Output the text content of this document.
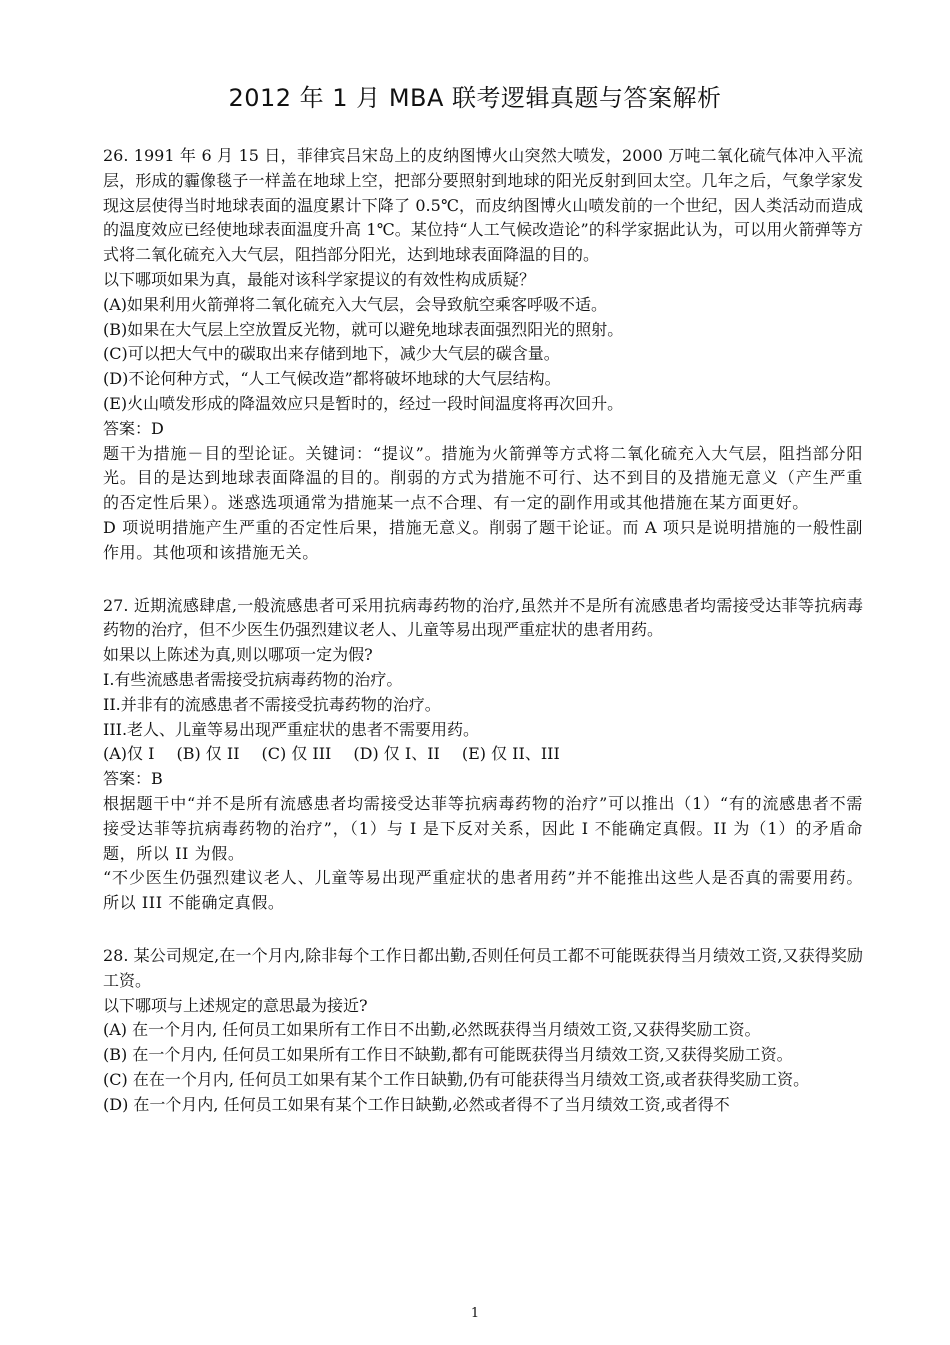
2012 年 1 月 MBA 联考逻辑真题与答案解析

26. 1991 年 6 月 15 日，菲律宾吕宋岛上的皮纳图博火山突然大喷发，2000 万吨二氧化硫气体冲入平流层，形成的霾像毯子一样盖在地球上空，把部分要照射到地球的阳光反射到回太空。几年之后，气象学家发现这层使得当时地球表面的温度累计下降了 0.5℃，而皮纳图博火山喷发前的一个世纪，因人类活动而造成的温度效应已经使地球表面温度升高 1℃。某位持“人工气候改造论”的科学家据此认为，可以用火箭弹等方式将二氧化硫充入大气层，阻挡部分阳光，达到地球表面降温的目的。

以下哪项如果为真，最能对该科学家提议的有效性构成质疑？

(A)如果利用火箭弹将二氧化硫充入大气层，会导致航空乘客呼吸不适。

(B)如果在大气层上空放置反光物，就可以避免地球表面强烈阳光的照射。

(C)可以把大气中的碳取出来存储到地下，减少大气层的碳含量。

(D)不论何种方式，“人工气候改造”都将破坏地球的大气层结构。

(E)火山喷发形成的降温效应只是暂时的，经过一段时间温度将再次回升。

答案：D

题干为措施－目的型论证。关键词：“提议”。措施为火箭弹等方式将二氧化硫充入大气层，阻挡部分阳光。目的是达到地球表面降温的目的。削弱的方式为措施不可行、达不到目的及措施无意义（产生严重的否定性后果）。迷惑选项通常为措施某一点不合理、有一定的副作用或其他措施在某方面更好。

D 项说明措施产生严重的否定性后果，措施无意义。削弱了题干论证。而 A 项只是说明措施的一般性副作用。其他项和该措施无关。

27. 近期流感肆虐,一般流感患者可采用抗病毒药物的治疗,虽然并不是所有流感患者均需接受达菲等抗病毒药物的治疗，但不少医生仍强烈建议老人、儿童等易出现严重症状的患者用药。

如果以上陈述为真,则以哪项一定为假?

I.有些流感患者需接受抗病毒药物的治疗。

II.并非有的流感患者不需接受抗毒药物的治疗。

III.老人、儿童等易出现严重症状的患者不需要用药。

(A)仅 I (B) 仅 II (C) 仅 III (D) 仅 I、II (E) 仅 II、III

答案：B

根据题干中“并不是所有流感患者均需接受达菲等抗病毒药物的治疗”可以推出（1）“有的流感患者不需接受达菲等抗病毒药物的治疗”，（1）与 I 是下反对关系，因此 I 不能确定真假。II 为（1）的矛盾命题，所以 II 为假。

“不少医生仍强烈建议老人、儿童等易出现严重症状的患者用药”并不能推出这些人是否真的需要用药。所以 III 不能确定真假。

28. 某公司规定,在一个月内,除非每个工作日都出勤,否则任何员工都不可能既获得当月绩效工资,又获得奖励工资。

以下哪项与上述规定的意思最为接近?

(A) 在一个月内, 任何员工如果所有工作日不出勤,必然既获得当月绩效工资,又获得奖励工资。

(B) 在一个月内, 任何员工如果所有工作日不缺勤,都有可能既获得当月绩效工资,又获得奖励工资。

(C) 在在一个月内, 任何员工如果有某个工作日缺勤,仍有可能获得当月绩效工资,或者获得奖励工资。

(D) 在一个月内, 任何员工如果有某个工作日缺勤,必然或者得不了当月绩效工资,或者得不

1
